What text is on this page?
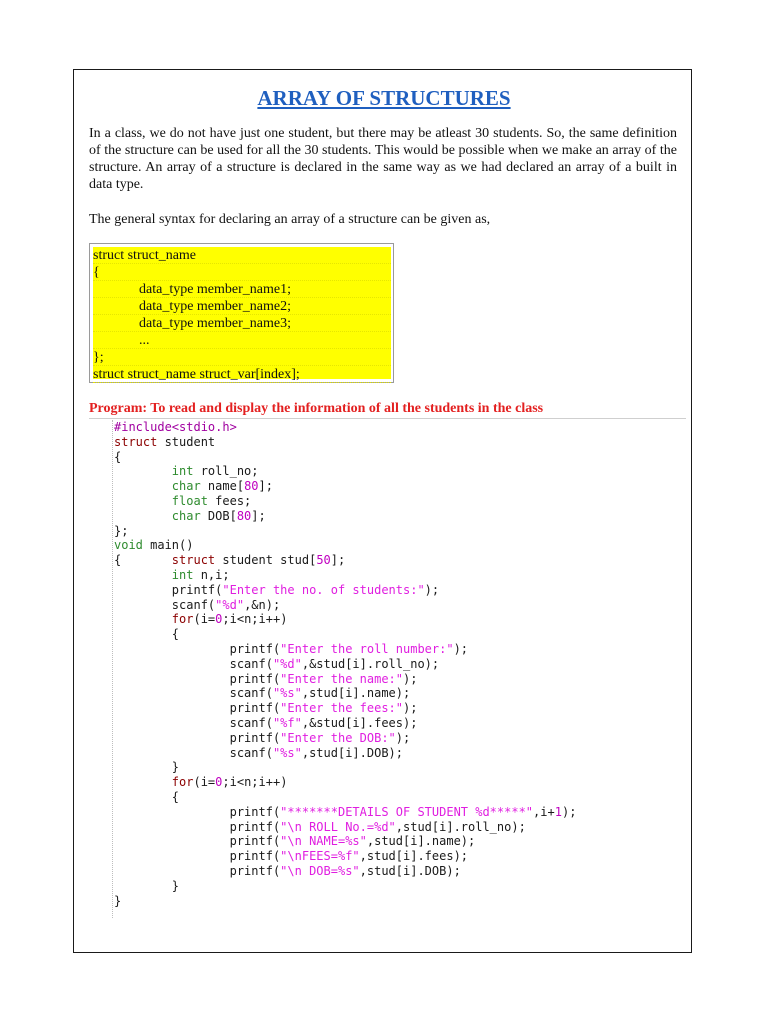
ARRAY OF STRUCTURES

In a class, we do not have just one student, but there may be atleast 30 students. So, the same definition of the structure can be used for all the 30 students. This would be possible when we make an array of the structure. An array of a structure is declared in the same way as we had declared an array of a built in data type.

The general syntax for declaring an array of a structure can be given as,

struct struct_name
{
data_type member_name1;
data_type member_name2;
data_type member_name3;
...
};
struct struct_name struct_var[index];
Program: To read and display the information of all the students in the class
#include<stdio.h>
struct student
{

int roll_no;

char name[ 80 ];

float fees;

char DOB[ 80 ];
};
void main()
{ struct student stud[ 50 ];

int n,i;
printf( "Enter the no. of students:" );
scanf( "%d" ,&n);

for (i= 0 ;i<n;i++)
{
printf( "Enter the roll number:" );
scanf( "%d" ,&stud[i].roll_no);
printf( "Enter the name:" );
scanf( "%s" ,stud[i].name);
printf( "Enter the fees:" );
scanf( "%f" ,&stud[i].fees);
printf( "Enter the DOB:" );
scanf( "%s" ,stud[i].DOB);
}

for (i= 0 ;i<n;i++)
{
printf( "*******DETAILS OF STUDENT %d*****" ,i+ 1 );
printf( "\n ROLL No.=%d" ,stud[i].roll_no);
printf( "\n NAME=%s" ,stud[i].name);
printf( "\nFEES=%f" ,stud[i].fees);
printf( "\n DOB=%s" ,stud[i].DOB);
}
}
